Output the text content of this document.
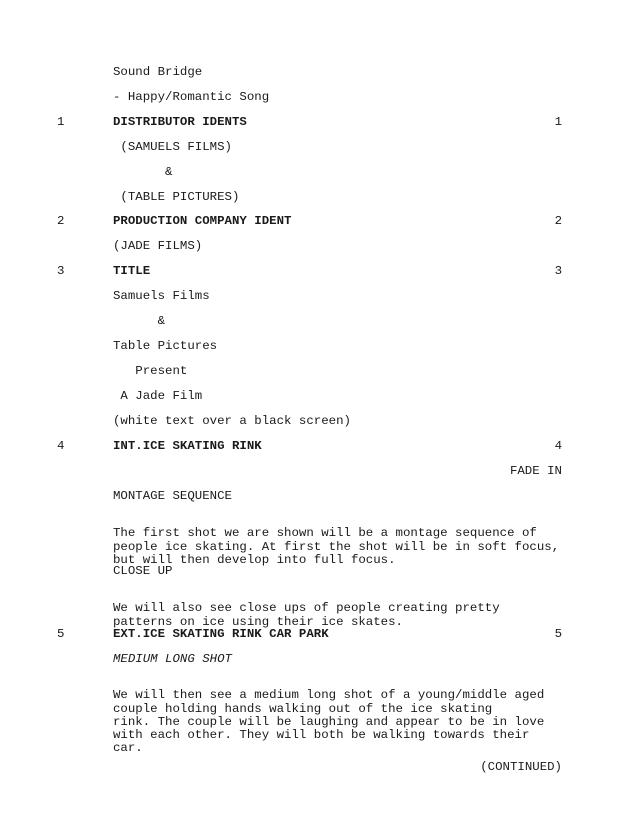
Sound Bridge

- Happy/Romantic Song

1	DISTRIBUTOR IDENTS	1

(SAMUELS FILMS)

&

(TABLE PICTURES)

2	PRODUCTION COMPANY IDENT	2

(JADE FILMS)

3	TITLE	3

Samuels Films

&

Table Pictures

Present

A Jade Film

(white text over a black screen)

4	INT.ICE SKATING RINK	4

FADE IN

MONTAGE SEQUENCE

The first shot we are shown will be a montage sequence of
people ice skating. At first the shot will be in soft focus,
but will then develop into full focus.

CLOSE UP

We will also see close ups of people creating pretty
patterns on ice using their ice skates.

5	EXT.ICE SKATING RINK CAR PARK	5

MEDIUM LONG SHOT

We will then see a medium long shot of a young/middle aged
couple holding hands walking out of the ice skating
rink. The couple will be laughing and appear to be in love
with each other. They will both be walking towards their
car.

(CONTINUED)
